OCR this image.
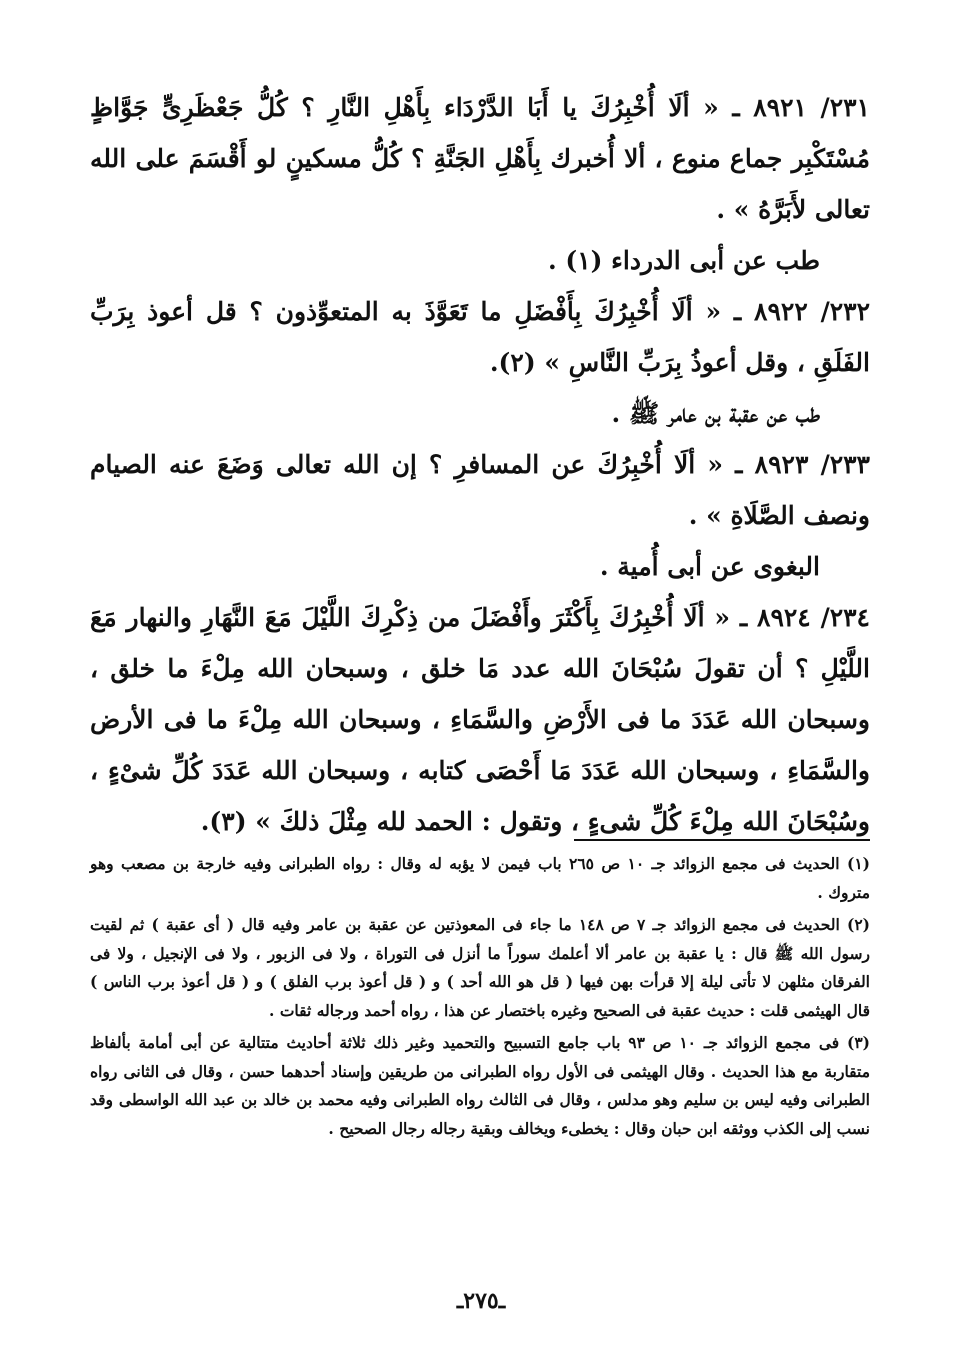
٢٣١/ ٨٩٢١ ـ « ألَا أُخْبِرُكَ يا أَبَا الدَّرْدَاء بِأَهْلِ النَّارِ ؟ كُلُّ جَعْظَرِىٍّ جَوَّاظٍ مُسْتَكْبِر جماع منوع ، ألا أُخبرك بِأَهْلِ الجَنَّةِ ؟ كُلُّ مسكينٍ لو أَقْسَمَ على الله تعالى لأَبَرَّهُ » .

طب عن أبى الدرداء (١) .

٢٣٢/ ٨٩٢٢ ـ « ألَا أُخْبِرُكَ بِأَفْضَلِ ما تَعَوَّذَ به المتعوِّذون ؟ قل أعوذ بِرَبِّ الفَلَقِ ، وقل أعوذُ بِرَبِّ النَّاسِ » (٢).

طب عن عقبة بن عامر ﷺ .

٢٣٣/ ٨٩٢٣ ـ « ألَا أُخْبِرُكَ عن المسافرِ ؟ إن الله تعالى وَضَعَ عنه الصيام ونصف الصَّلَاةِ » .

البغوى عن أبى أُمية .

٢٣٤/ ٨٩٢٤ ـ « ألَا أُخْبِرُكَ بِأَكْثَرَ وأَفْضَلَ من ذِكْرِكَ اللَّيْلَ مَعَ النَّهَارِ والنهار مَعَ اللَّيْلِ ؟ أن تقولَ سُبْحَانَ الله عدد مَا خلق ، وسبحان الله مِلْءَ ما خلق ، وسبحان الله عَدَدَ ما فى الأَرْضِ والسَّمَاءِ ، وسبحان الله مِلْءَ ما فى الأرض والسَّمَاءِ ، وسبحان الله عَدَدَ مَا أَحْصَى كتابه ، وسبحان الله عَدَدَ كُلِّ شىْءٍ ، وسُبْحَانَ الله مِلْءَ كُلِّ شىءٍ ، وتقول : الحمد لله مِثْلَ ذلكَ » (٣).

(١) الحديث فى مجمع الزوائد جـ ١٠ ص ٢٦٥ باب فيمن لا يؤبه له وقال : رواه الطبرانى وفيه خارجة بن مصعب وهو متروك .

(٢) الحديث فى مجمع الزوائد جـ ٧ ص ١٤٨ ما جاء فى المعوذتين عن عقبة بن عامر وفيه قال ( أى عقبة ) ثم لقيت رسول الله ﷺ قال : يا عقبة بن عامر ألا أعلمك سوراً ما أنزل فى التوراة ، ولا فى الزبور ، ولا فى الإنجيل ، ولا فى الفرقان مثلهن لا تأتى ليلة إلا قرأت بهن فيها ( قل هو الله أحد ) و ( قل أعوذ برب الفلق ) و ( قل أعوذ برب الناس ) قال الهيثمى قلت : حديث عقبة فى الصحيح وغيره باختصار عن هذا ، رواه أحمد ورجاله ثقات .

(٣) فى مجمع الزوائد جـ ١٠ ص ٩٣ باب جامع التسبيح والتحميد وغير ذلك ثلاثة أحاديث متتالية عن أبى أمامة بألفاظ متقاربة مع هذا الحديث . وقال الهيثمى فى الأول رواه الطبرانى من طريقين وإسناد أحدهما حسن ، وقال فى الثانى رواه الطبرانى وفيه ليس بن سليم وهو مدلس ، وقال فى الثالث رواه الطبرانى وفيه محمد بن خالد بن عبد الله الواسطى وقد نسب إلى الكذب ووثقه ابن حبان وقال : يخطىء ويخالف وبقية رجاله رجال الصحيح .

ـ٢٧٥ـ
